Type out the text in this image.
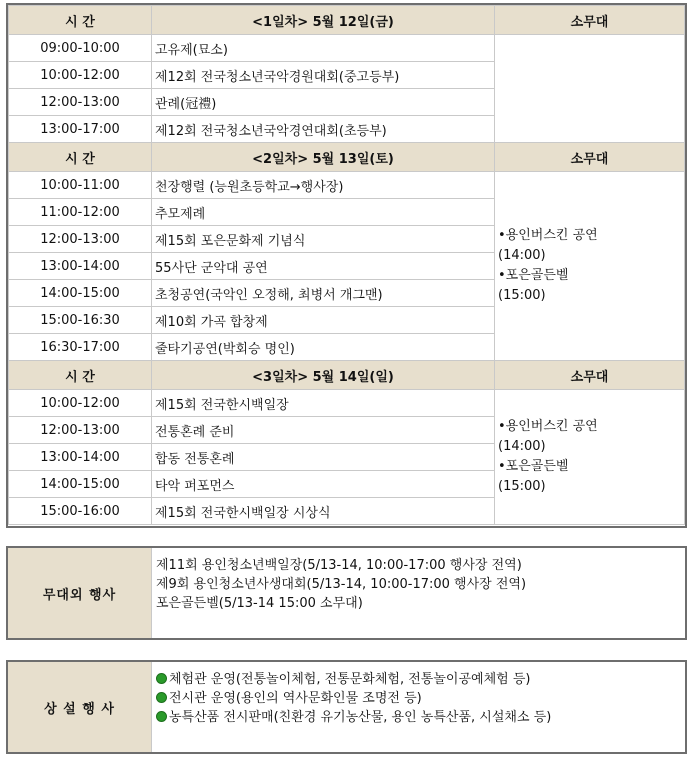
시 간	<1일차> 5월 12일(금)	소무대
09:00-10:00	고유제(묘소)	
10:00-12:00	제12회 전국청소년국악경원대회(중고등부)	
12:00-13:00	관례(冠禮)	
13:00-17:00	제12회 전국청소년국악경연대회(초등부)	
시 간	<2일차> 5월 13일(토)	소무대
10:00-11:00	천장행렬 (능원초등학교→행사장)	•용인버스킨 공연
(14:00)
•포은골든벨
(15:00)

11:00-12:00	추모제례	
12:00-13:00	제15회 포은문화제 기념식	
13:00-14:00	55사단 군악대 공연	
14:00-15:00	초청공연(국악인 오정해, 최병서 개그맨)	
15:00-16:30	제10회 가곡 합창제	
16:30-17:00	줄타기공연(박회승 명인)	
시 간	<3일차> 5월 14일(일)	소무대
10:00-12:00	제15회 전국한시백일장	•용인버스킨 공연
(14:00)
•포은골든벨
(15:00)

12:00-13:00	전통혼례 준비	
13:00-14:00	합동 전통혼례	
14:00-15:00	타악 퍼포먼스	
15:00-16:00	제15회 전국한시백일장 시상식	
무대외 행사
제11회 용인청소년백일장(5/13-14, 10:00-17:00 행사장 전역)
제9회 용인청소년사생대회(5/13-14, 10:00-17:00 행사장 전역)
포은골든벨(5/13-14 15:00 소무대)
상 설 행 사
체험관 운영(전통놀이체험, 전통문화체험, 전통놀이공예체험 등)
전시관 운영(용인의 역사문화인물 조명전 등)
농특산품 전시판매(친환경 유기농산물, 용인 농특산품, 시설채소 등)
